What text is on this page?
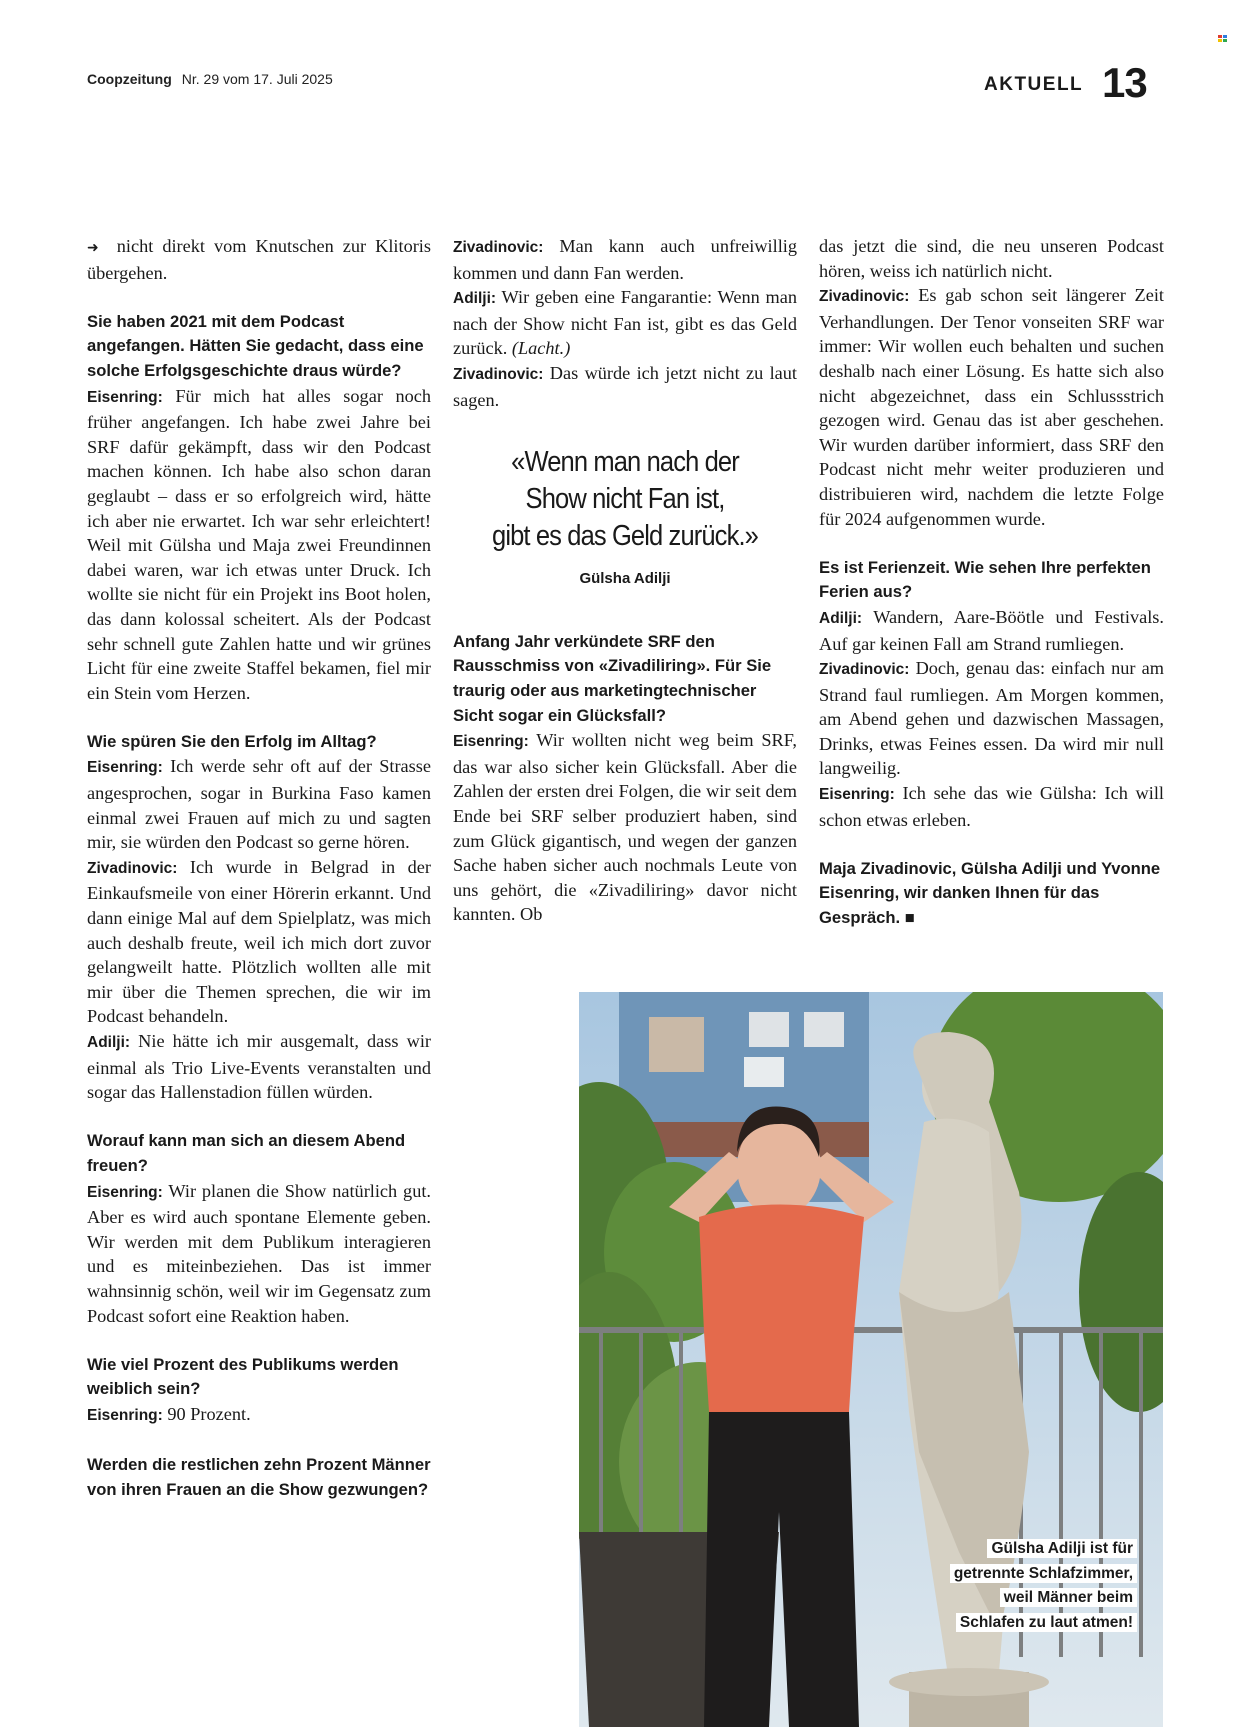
Coopzeitung Nr. 29 vom 17. Juli 2025	AKTUELL 13

➜ nicht direkt vom Knutschen zur Klitoris übergehen.

Sie haben 2021 mit dem Podcast angefangen. Hätten Sie gedacht, dass eine solche Erfolgsgeschichte draus würde?

Eisenring: Für mich hat alles sogar noch früher angefangen. Ich habe zwei Jahre bei SRF dafür gekämpft, dass wir den Podcast machen können. Ich habe also schon daran geglaubt – dass er so erfolgreich wird, hätte ich aber nie erwartet. Ich war sehr erleichtert! Weil mit Gülsha und Maja zwei Freundinnen dabei waren, war ich etwas unter Druck. Ich wollte sie nicht für ein Projekt ins Boot holen, das dann kolossal scheitert. Als der Podcast sehr schnell gute Zahlen hatte und wir grünes Licht für eine zweite Staffel bekamen, fiel mir ein Stein vom Herzen.

Wie spüren Sie den Erfolg im Alltag?

Eisenring: Ich werde sehr oft auf der Strasse angesprochen, sogar in Burkina Faso kamen einmal zwei Frauen auf mich zu und sagten mir, sie würden den Podcast so gerne hören.

Zivadinovic: Ich wurde in Belgrad in der Einkaufsmeile von einer Hörerin erkannt. Und dann einige Mal auf dem Spielplatz, was mich auch deshalb freute, weil ich mich dort zuvor gelangweilt hatte. Plötzlich wollten alle mit mir über die Themen sprechen, die wir im Podcast behandeln.

Adilji: Nie hätte ich mir ausgemalt, dass wir einmal als Trio Live-Events veranstalten und sogar das Hallenstadion füllen würden.

Worauf kann man sich an diesem Abend freuen?

Eisenring: Wir planen die Show natürlich gut. Aber es wird auch spontane Elemente geben. Wir werden mit dem Publikum interagieren und es miteinbeziehen. Das ist immer wahnsinnig schön, weil wir im Gegensatz zum Podcast sofort eine Reaktion haben.

Wie viel Prozent des Publikums werden weiblich sein?

Eisenring: 90 Prozent.

Werden die restlichen zehn Prozent Männer von ihren Frauen an die Show gezwungen?

Zivadinovic: Man kann auch unfreiwillig kommen und dann Fan werden.

Adilji: Wir geben eine Fangarantie: Wenn man nach der Show nicht Fan ist, gibt es das Geld zurück. (Lacht.)

Zivadinovic: Das würde ich jetzt nicht zu laut sagen.

«Wenn man nach der
Show nicht Fan ist,
gibt es das Geld zurück.»
Gülsha Adilji

Anfang Jahr verkündete SRF den Rausschmiss von «Zivadiliring». Für Sie traurig oder aus marketingtechnischer Sicht sogar ein Glücksfall?

Eisenring: Wir wollten nicht weg beim SRF, das war also sicher kein Glücksfall. Aber die Zahlen der ersten drei Folgen, die wir seit dem Ende bei SRF selber produziert haben, sind zum Glück gigantisch, und wegen der ganzen Sache haben sicher auch nochmals Leute von uns gehört, die «Zivadiliring» davor nicht kannten. Ob

das jetzt die sind, die neu unseren Podcast hören, weiss ich natürlich nicht.

Zivadinovic: Es gab schon seit längerer Zeit Verhandlungen. Der Tenor vonseiten SRF war immer: Wir wollen euch behalten und suchen deshalb nach einer Lösung. Es hatte sich also nicht abgezeichnet, dass ein Schlussstrich gezogen wird. Genau das ist aber geschehen. Wir wurden darüber informiert, dass SRF den Podcast nicht mehr weiter produzieren und distribuieren wird, nachdem die letzte Folge für 2024 aufgenommen wurde.

Es ist Ferienzeit. Wie sehen Ihre perfekten Ferien aus?

Adilji: Wandern, Aare-Böötle und Festivals. Auf gar keinen Fall am Strand rumliegen.

Zivadinovic: Doch, genau das: einfach nur am Strand faul rumliegen. Am Morgen kommen, am Abend gehen und dazwischen Massagen, Drinks, etwas Feines essen. Da wird mir null langweilig.

Eisenring: Ich sehe das wie Gülsha: Ich will schon etwas erleben.

Maja Zivadinovic, Gülsha Adilji und Yvonne Eisenring, wir danken Ihnen für das Gespräch. ■

Gülsha Adilji ist für
getrennte Schlafzimmer,
weil Männer beim
Schlafen zu laut atmen!
